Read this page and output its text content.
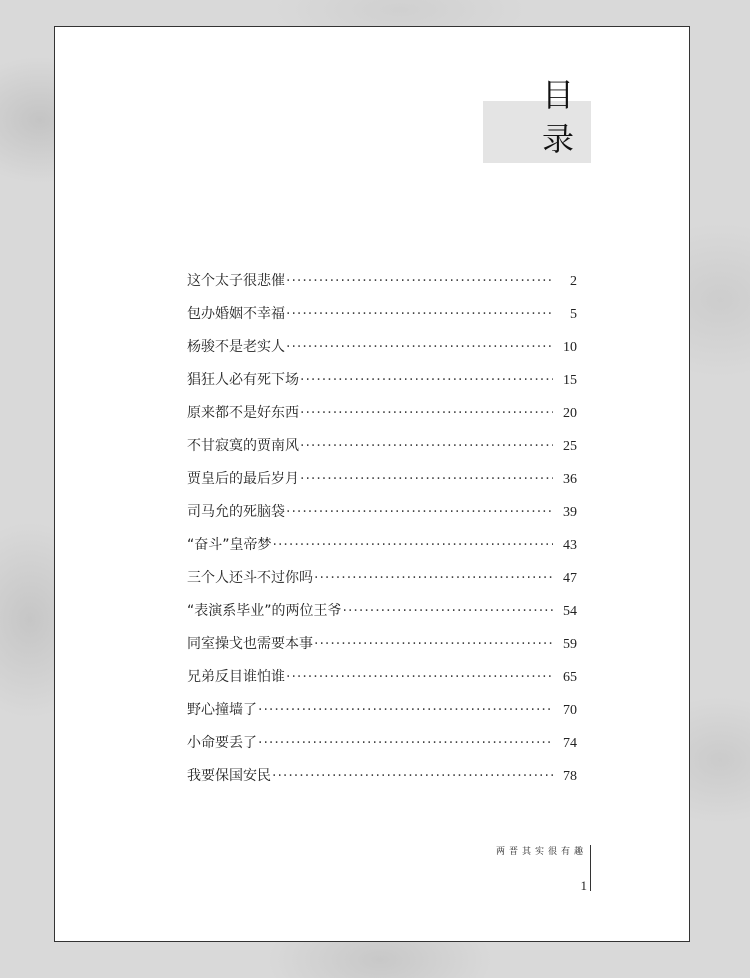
目
录
这个太子很悲催 ·····	2
包办婚姻不幸福 ·····	5
杨骏不是老实人 ·····	10
猖狂人必有死下场 ·····	15
原来都不是好东西 ·····	20
不甘寂寞的贾南风 ·····	25
贾皇后的最后岁月 ·····	36
司马允的死脑袋 ·····	39
“奋斗”皇帝梦 ·····	43
三个人还斗不过你吗 ·····	47
“表演系毕业”的两位王爷 ·····	54
同室操戈也需要本事 ·····	59
兄弟反目谁怕谁 ·····	65
野心撞墙了 ·····	70
小命要丢了 ·····	74
我要保国安民 ·····	78
两晋其实很有趣
1
